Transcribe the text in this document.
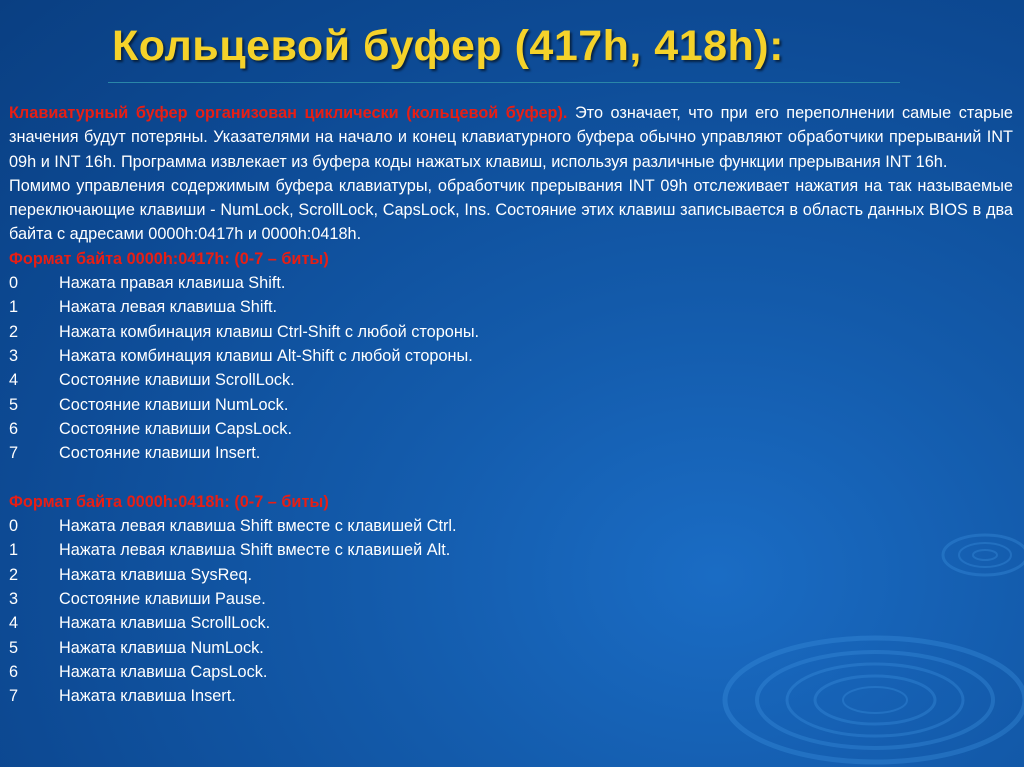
Кольцевой буфер (417h, 418h):

Клавиатурный буфер организован циклически (кольцевой буфер). Это означает, что при его переполнении самые старые значения будут потеряны. Указателями на начало и конец клавиатурного буфера обычно управляют обработчики прерываний INT 09h и INT 16h. Программа извлекает из буфера коды нажатых клавиш, используя различные функции прерывания INT 16h.

Помимо управления содержимым буфера клавиатуры, обработчик прерывания INT 09h отслеживает нажатия на так называемые переключающие клавиши - NumLock, ScrollLock, CapsLock, Ins. Состояние этих клавиш записывается в область данных BIOS в два байта с адресами 0000h:0417h и 0000h:0418h.

Формат байта 0000h:0417h: (0-7 – биты)
0	Нажата правая клавиша Shift.
1	Нажата левая клавиша Shift.
2	Нажата комбинация клавиш Ctrl-Shift с любой стороны.
3	Нажата комбинация клавиш Alt-Shift с любой стороны.
4	Состояние клавиши ScrollLock.
5	Состояние клавиши NumLock.
6	Состояние клавиши CapsLock.
7	Состояние клавиши Insert.
Формат байта 0000h:0418h: (0-7 – биты)
0	Нажата левая клавиша Shift вместе с клавишей Ctrl.
1	Нажата левая клавиша Shift вместе с клавишей Alt.
2	Нажата клавиша SysReq.
3	Состояние клавиши Pause.
4	Нажата клавиша ScrollLock.
5	Нажата клавиша NumLock.
6	Нажата клавиша CapsLock.
7	Нажата клавиша Insert.
